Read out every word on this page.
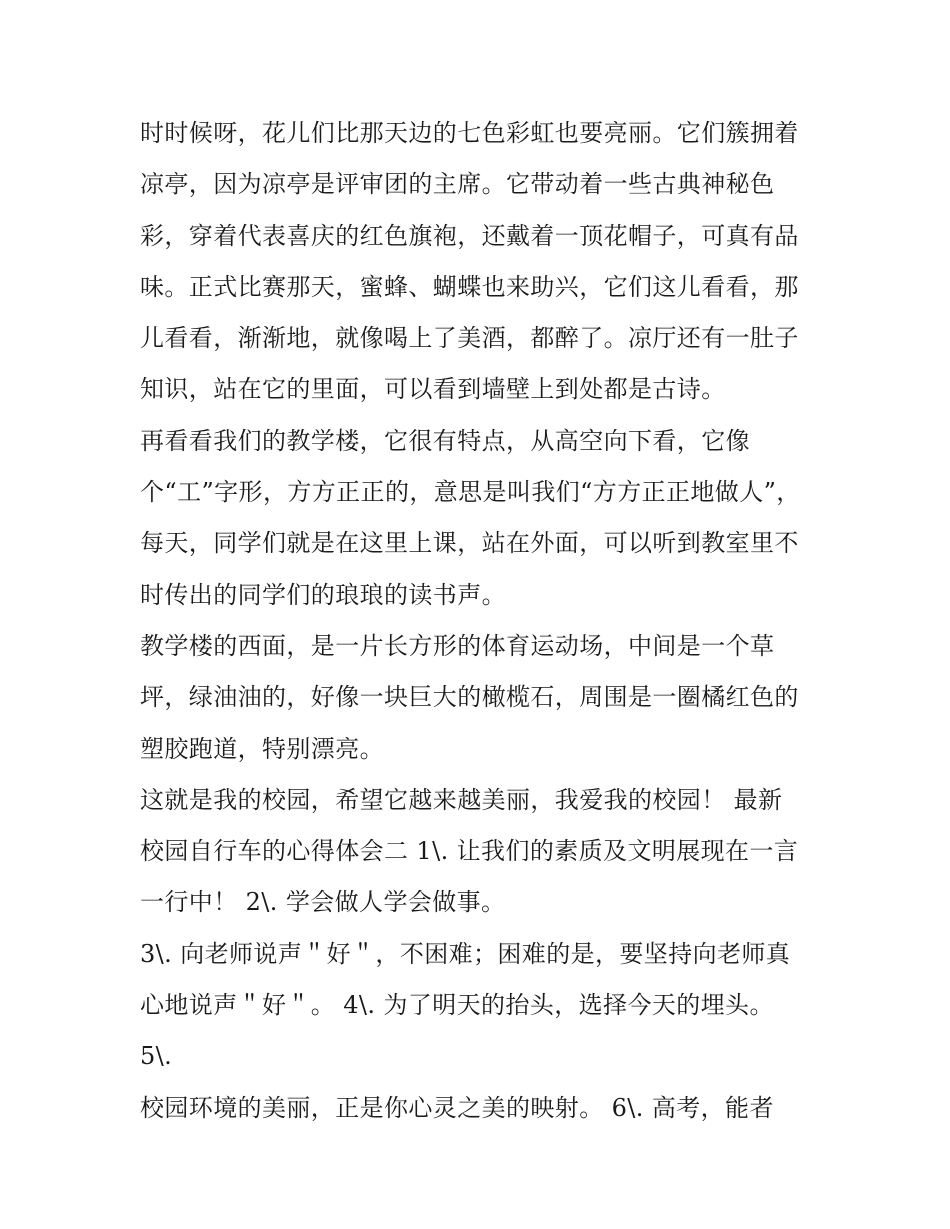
时时候呀，花儿们比那天边的七色彩虹也要亮丽。它们簇拥着
凉亭，因为凉亭是评审团的主席。它带动着一些古典神秘色
彩，穿着代表喜庆的红色旗袍，还戴着一顶花帽子，可真有品
味。正式比赛那天，蜜蜂、蝴蝶也来助兴，它们这儿看看，那
儿看看，渐渐地，就像喝上了美酒，都醉了。凉厅还有一肚子
知识，站在它的里面，可以看到墙壁上到处都是古诗。
再看看我们的教学楼，它很有特点，从高空向下看，它像
个“工”字形，方方正正的，意思是叫我们“方方正正地做人”，
每天，同学们就是在这里上课，站在外面，可以听到教室里不
时传出的同学们的琅琅的读书声。
教学楼的西面，是一片长方形的体育运动场，中间是一个草
坪，绿油油的，好像一块巨大的橄榄石，周围是一圈橘红色的
塑胶跑道，特别漂亮。
这就是我的校园，希望它越来越美丽，我爱我的校园！ 最新
校园自行车的心得体会二 1\. 让我们的素质及文明展现在一言
一行中！ 2\. 学会做人学会做事。
3\. 向老师说声＂好＂，不困难；困难的是，要坚持向老师真
心地说声＂好＂。 4\. 为了明天的抬头，选择今天的埋头。
5\.
校园环境的美丽，正是你心灵之美的映射。 6\. 高考，能者
